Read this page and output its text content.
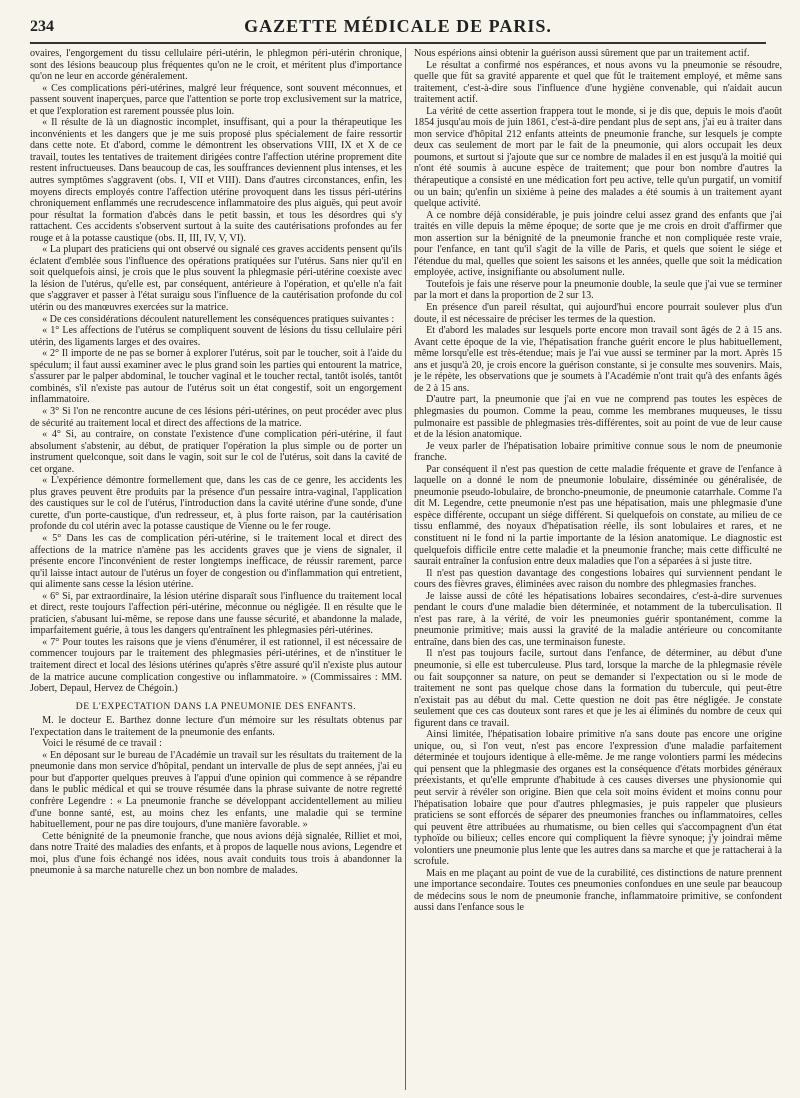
234	GAZETTE MÉDICALE DE PARIS.

ovaires, l'engorgement du tissu cellulaire péri-utérin, le phlegmon péri-utérin chronique, sont des lésions beaucoup plus fréquentes qu'on ne le croit, et méritent plus d'importance qu'on ne leur en accorde généralement.

« Ces complications péri-utérines, malgré leur fréquence, sont souvent méconnues, et passent souvent inaperçues, parce que l'attention se porte trop exclusivement sur la matrice, et que l'exploration est rarement poussée plus loin.

« Il résulte de là un diagnostic incomplet, insuffisant, qui a pour la thérapeutique les inconvénients et les dangers que je me suis proposé plus spécialement de faire ressortir dans cette note. Et d'abord, comme le démontrent les observations VIII, IX et X de ce travail, toutes les tentatives de traitement dirigées contre l'affection utérine proprement dite restent infructueuses. Dans beaucoup de cas, les souffrances deviennent plus intenses, et les autres symptômes s'aggravent (obs. I, VII et VIII). Dans d'autres circonstances, enfin, les moyens directs employés contre l'affection utérine provoquent dans les tissus péri-utérins chroniquement enflammés une recrudescence inflammatoire des plus aiguës, qui peut avoir pour résultat la formation d'abcès dans le petit bassin, et tous les désordres qui s'y rattachent. Ces accidents s'observent surtout à la suite des cautérisations profondes au fer rouge et à la potasse caustique (obs. II, III, IV, V, VI).

« La plupart des praticiens qui ont observé ou signalé ces graves accidents pensent qu'ils éclatent d'emblée sous l'influence des opérations pratiquées sur l'utérus. Sans nier qu'il en soit quelquefois ainsi, je crois que le plus souvent la phlegmasie péri-utérine coexiste avec la lésion de l'utérus, qu'elle est, par conséquent, antérieure à l'opération, et qu'elle n'a fait que s'aggraver et passer à l'état suraigu sous l'influence de la cautérisation profonde du col utérin ou des manœuvres exercées sur la matrice.

« De ces considérations découlent naturellement les conséquences pratiques suivantes :

« 1° Les affections de l'utérus se compliquent souvent de lésions du tissu cellulaire péri utérin, des ligaments larges et des ovaires.

« 2° Il importe de ne pas se borner à explorer l'utérus, soit par le toucher, soit à l'aide du spéculum; il faut aussi examiner avec le plus grand soin les parties qui entourent la matrice, s'assurer par le palper abdominal, le toucher vaginal et le toucher rectal, tantôt isolés, tantôt combinés, s'il n'existe pas autour de l'utérus soit un état congestif, soit un engorgement inflammatoire.

« 3° Si l'on ne rencontre aucune de ces lésions péri-utérines, on peut procéder avec plus de sécurité au traitement local et direct des affections de la matrice.

« 4° Si, au contraire, on constate l'existence d'une complication péri-utérine, il faut absolument s'abstenir, au début, de pratiquer l'opération la plus simple ou de porter un instrument quelconque, soit dans le vagin, soit sur le col de l'utérus, soit dans la cavité de cet organe.

« L'expérience démontre formellement que, dans les cas de ce genre, les accidents les plus graves peuvent être produits par la présence d'un pessaire intra-vaginal, l'application des caustiques sur le col de l'utérus, l'introduction dans la cavité utérine d'une sonde, d'une curette, d'un porte-caustique, d'un redresseur, et, à plus forte raison, par la cautérisation profonde du col utérin avec la potasse caustique de Vienne ou le fer rouge.

« 5° Dans les cas de complication péri-utérine, si le traitement local et direct des affections de la matrice n'amène pas les accidents graves que je viens de signaler, il présente encore l'inconvénient de rester longtemps inefficace, de réussir rarement, parce qu'il laisse intact autour de l'utérus un foyer de congestion ou d'inflammation qui entretient, qui alimente sans cesse la lésion utérine.

« 6° Si, par extraordinaire, la lésion utérine disparaît sous l'influence du traitement local et direct, reste toujours l'affection péri-utérine, méconnue ou négligée. Il en résulte que le praticien, s'abusant lui-même, se repose dans une fausse sécurité, et abandonne la malade, imparfaitement guérie, à tous les dangers qu'entraînent les phlegmasies péri-utérines.

« 7° Pour toutes les raisons que je viens d'énumérer, il est rationnel, il est nécessaire de commencer toujours par le traitement des phlegmasies péri-utérines, et de n'instituer le traitement direct et local des lésions utérines qu'après s'être assuré qu'il n'existe plus autour de la matrice aucune complication congestive ou inflammatoire. » (Commissaires : MM. Jobert, Depaul, Hervez de Chégoin.)

DE L'EXPECTATION DANS LA PNEUMONIE DES ENFANTS.

M. le docteur E. Barthez donne lecture d'un mémoire sur les résultats obtenus par l'expectation dans le traitement de la pneumonie des enfants.

Voici le résumé de ce travail :

« En déposant sur le bureau de l'Académie un travail sur les résultats du traitement de la pneumonie dans mon service d'hôpital, pendant un intervalle de plus de sept années, j'ai eu pour but d'apporter quelques preuves à l'appui d'une opinion qui commence à se répandre dans le public médical et qui se trouve résumée dans la phrase suivante de notre regretté confrère Legendre : « La pneumonie franche se développant accidentellement au milieu d'une bonne santé, est, au moins chez les enfants, une maladie qui se termine habituellement, pour ne pas dire toujours, d'une manière favorable. »

Cette bénignité de la pneumonie franche, que nous avions déjà signalée, Rilliet et moi, dans notre Traité des maladies des enfants, et à propos de laquelle nous avions, Legendre et moi, plus d'une fois échangé nos idées, nous avait conduits tous trois à abandonner la pneumonie à sa marche naturelle chez un bon nombre de malades.

Nous espérions ainsi obtenir la guérison aussi sûrement que par un traitement actif.

Le résultat a confirmé nos espérances, et nous avons vu la pneumonie se résoudre, quelle que fût sa gravité apparente et quel que fût le traitement employé, et même sans traitement, c'est-à-dire sous l'influence d'une hygiène convenable, qui n'aidait aucun traitement actif.

La vérité de cette assertion frappera tout le monde, si je dis que, depuis le mois d'août 1854 jusqu'au mois de juin 1861, c'est-à-dire pendant plus de sept ans, j'ai eu à traiter dans mon service d'hôpital 212 enfants atteints de pneumonie franche, sur lesquels je compte deux cas seulement de mort par le fait de la pneumonie, qui alors occupait les deux poumons, et surtout si j'ajoute que sur ce nombre de malades il en est jusqu'à la moitié qui n'ont été soumis à aucune espèce de traitement; que pour bon nombre d'autres la thérapeutique a consisté en une médication fort peu active, telle qu'un purgatif, un vomitif ou un bain; qu'enfin un sixième à peine des malades a été soumis à un traitement ayant quelque activité.

A ce nombre déjà considérable, je puis joindre celui assez grand des enfants que j'ai traités en ville depuis la même époque; de sorte que je me crois en droit d'affirmer que mon assertion sur la bénignité de la pneumonie franche et non compliquée reste vraie, pour l'enfance, en tant qu'il s'agit de la ville de Paris, et quels que soient le siége et l'étendue du mal, quelles que soient les saisons et les années, quelle que soit la médication employée, active, insignifiante ou absolument nulle.

Toutefois je fais une réserve pour la pneumonie double, la seule que j'ai vue se terminer par la mort et dans la proportion de 2 sur 13.

En présence d'un pareil résultat, qui aujourd'hui encore pourrait soulever plus d'un doute, il est nécessaire de préciser les termes de la question.

Et d'abord les malades sur lesquels porte encore mon travail sont âgés de 2 à 15 ans. Avant cette époque de la vie, l'hépatisation franche guérit encore le plus habituellement, même lorsqu'elle est très-étendue; mais je l'ai vue aussi se terminer par la mort. Après 15 ans et jusqu'à 20, je crois encore la guérison constante, si je consulte mes souvenirs. Mais, je le répète, les observations que je soumets à l'Académie n'ont trait qu'à des enfants âgés de 2 à 15 ans.

D'autre part, la pneumonie que j'ai en vue ne comprend pas toutes les espèces de phlegmasies du poumon. Comme la peau, comme les membranes muqueuses, le tissu pulmonaire est passible de phlegmasies très-différentes, soit au point de vue de leur cause et de la lésion anatomique.

Je veux parler de l'hépatisation lobaire primitive connue sous le nom de pneumonie franche.

Par conséquent il n'est pas question de cette maladie fréquente et grave de l'enfance à laquelle on a donné le nom de pneumonie lobulaire, disséminée ou généralisée, de pneumonie pseudo-lobulaire, de broncho-pneumonie, de pneumonie catarrhale. Comme l'a dit M. Legendre, cette pneumonie n'est pas une hépatisation, mais une phlegmasie d'une espèce différente, occupant un siége différent. Si quelquefois on constate, au milieu de ce tissu enflammé, des noyaux d'hépatisation réelle, ils sont lobulaires et rares, et ne constituent ni le fond ni la partie importante de la lésion anatomique. Le diagnostic est quelquefois difficile entre cette maladie et la pneumonie franche; mais cette difficulté ne saurait entraîner la confusion entre deux maladies que l'on a séparées à si juste titre.

Il n'est pas question davantage des congestions lobaires qui surviennent pendant le cours des fièvres graves, éliminées avec raison du nombre des phlegmasies franches.

Je laisse aussi de côté les hépatisations lobaires secondaires, c'est-à-dire survenues pendant le cours d'une maladie bien déterminée, et notamment de la tuberculisation. Il n'est pas rare, à la vérité, de voir les pneumonies guérir spontanément, comme la pneumonie primitive; mais aussi la gravité de la maladie antérieure ou concomitante entraîne, dans bien des cas, une terminaison funeste.

Il n'est pas toujours facile, surtout dans l'enfance, de déterminer, au début d'une pneumonie, si elle est tuberculeuse. Plus tard, lorsque la marche de la phlegmasie révèle ou fait soupçonner sa nature, on peut se demander si l'expectation ou si le mode de traitement ne sont pas quelque chose dans la formation du tubercule, qui peut-être n'existait pas au début du mal. Cette question ne doit pas être négligée. Je constate seulement que ces cas douteux sont rares et que je les ai éliminés du nombre de ceux qui figurent dans ce travail.

Ainsi limitée, l'hépatisation lobaire primitive n'a sans doute pas encore une origine unique, ou, si l'on veut, n'est pas encore l'expression d'une maladie parfaitement déterminée et toujours identique à elle-même. Je me range volontiers parmi les médecins qui pensent que la phlegmasie des organes est la conséquence d'états morbides généraux préexistants, et qu'elle emprunte d'habitude à ces causes diverses une physionomie qui peut servir à révéler son origine. Bien que cela soit moins évident et moins connu pour l'hépatisation lobaire que pour d'autres phlegmasies, je puis rappeler que plusieurs praticiens se sont efforcés de séparer des pneumonies franches ou inflammatoires, celles qui peuvent être attribuées au rhumatisme, ou bien celles qui s'accompagnent d'un état typhoïde ou bilieux; celles encore qui compliquent la fièvre synoque; j'y joindrai même volontiers une pneumonie plus lente que les autres dans sa marche et que je rattacherai à la scrofule.

Mais en me plaçant au point de vue de la curabilité, ces distinctions de nature prennent une importance secondaire. Toutes ces pneumonies confondues en une seule par beaucoup de médecins sous le nom de pneumonie franche, inflammatoire primitive, se confondent aussi dans l'enfance sous le
